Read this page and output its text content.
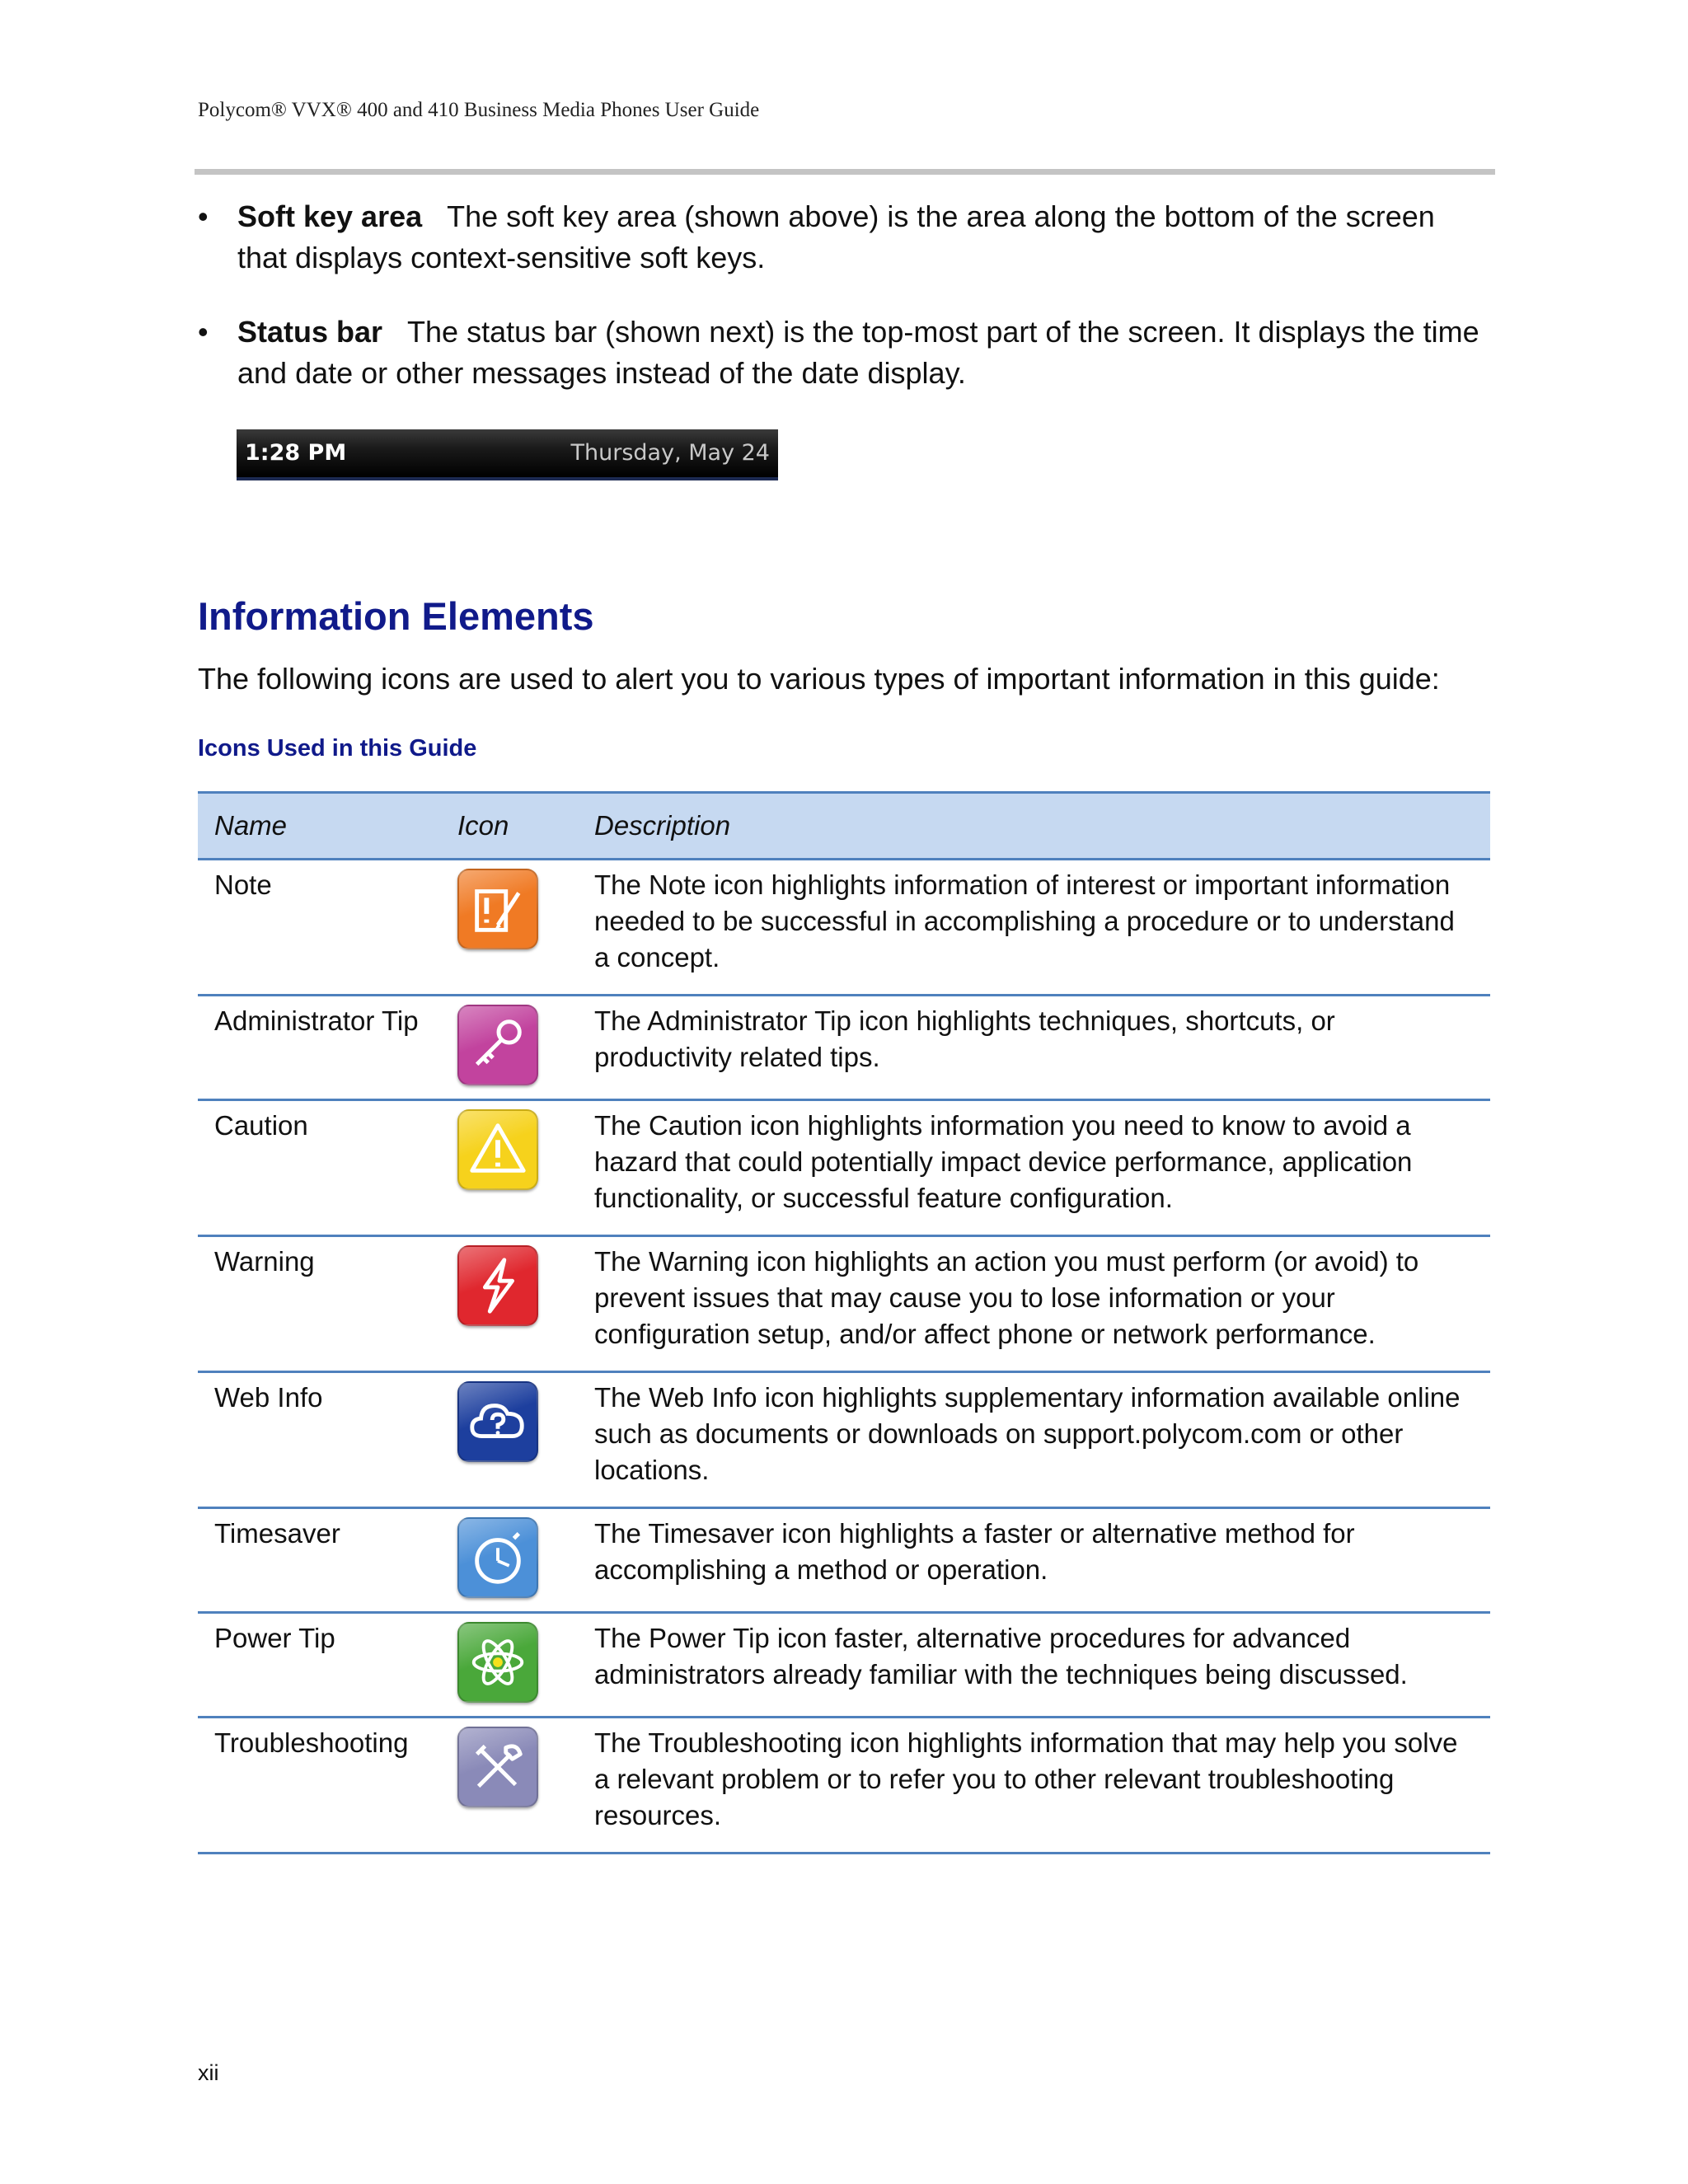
Polycom® VVX® 400 and 410 Business Media Phones User Guide
• Soft key area The soft key area (shown above) is the area along the bottom of the screen that displays context-sensitive soft keys.
• Status bar The status bar (shown next) is the top-most part of the screen. It displays the time and date or other messages instead of the date display.
1:28 PM	Thursday, May 24
Information Elements
The following icons are used to alert you to various types of important information in this guide:
Icons Used in this Guide
Name	Icon	Description
Note		The Note icon highlights information of interest or important information needed to be successful in accomplishing a procedure or to understand a concept.
Administrator Tip		The Administrator Tip icon highlights techniques, shortcuts, or productivity related tips.
Caution		The Caution icon highlights information you need to know to avoid a hazard that could potentially impact device performance, application functionality, or successful feature configuration.
Warning		The Warning icon highlights an action you must perform (or avoid) to prevent issues that may cause you to lose information or your configuration setup, and/or affect phone or network performance.
Web Info		The Web Info icon highlights supplementary information available online such as documents or downloads on support.polycom.com or other locations.
Timesaver		The Timesaver icon highlights a faster or alternative method for accomplishing a method or operation.
Power Tip		The Power Tip icon faster, alternative procedures for advanced administrators already familiar with the techniques being discussed.
Troubleshooting		The Troubleshooting icon highlights information that may help you solve a relevant problem or to refer you to other relevant troubleshooting resources.
xii
